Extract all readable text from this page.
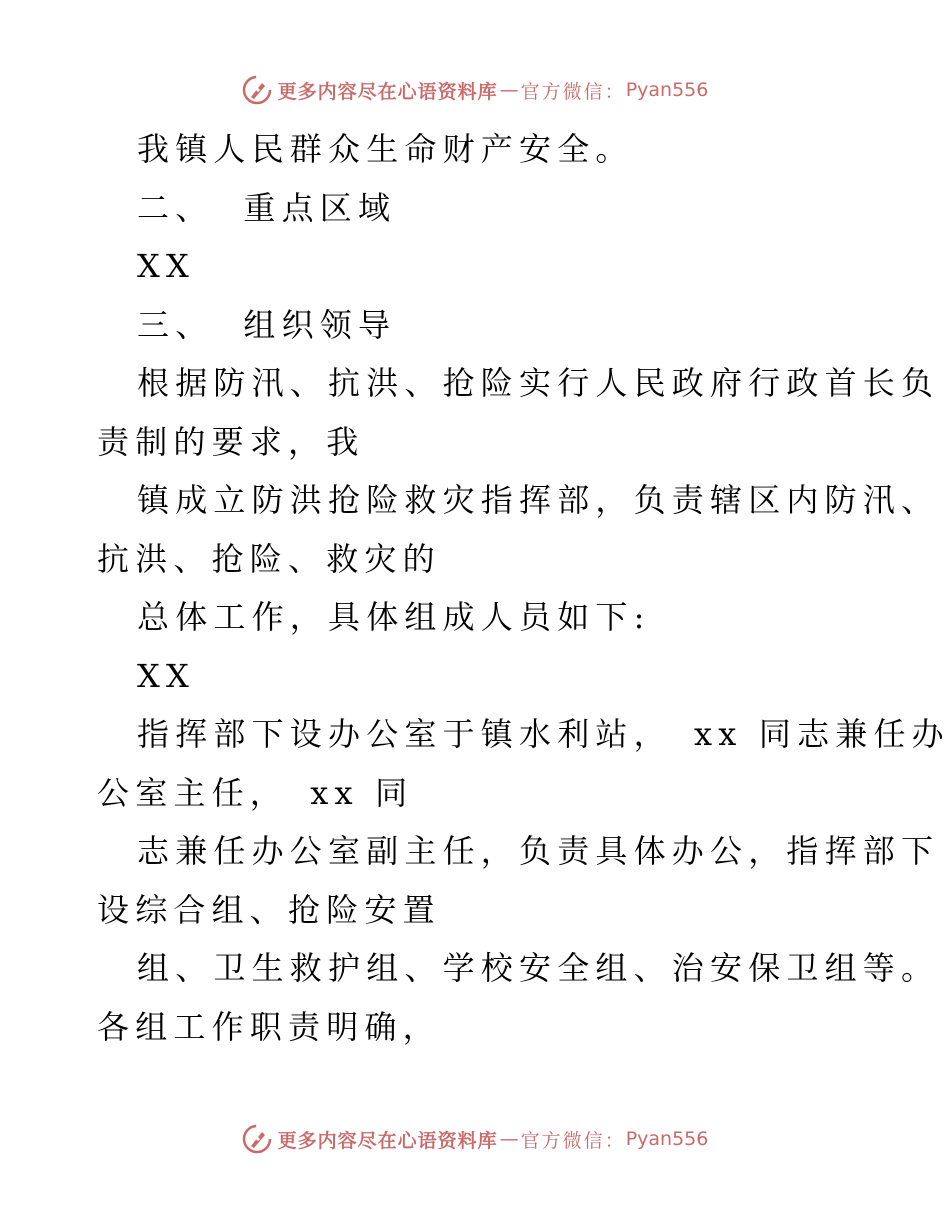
更多内容尽在心语资料库 — 官方微信： Pyan556
我镇人民群众生命财产安全。
二、 重点区域
XX
三、 组织领导
根据防汛、抗洪、抢险实行人民政府行政首长负
责制的要求，我
镇成立防洪抢险救灾指挥部，负责辖区内防汛、
抗洪、抢险、救灾的
总体工作，具体组成人员如下:
XX
指挥部下设办公室于镇水利站，　xx 同志兼任办
公室主任，　xx 同
志兼任办公室副主任，负责具体办公，指挥部下
设综合组、抢险安置
组、卫生救护组、学校安全组、治安保卫组等。
各组工作职责明确，
更多内容尽在心语资料库 — 官方微信： Pyan556
